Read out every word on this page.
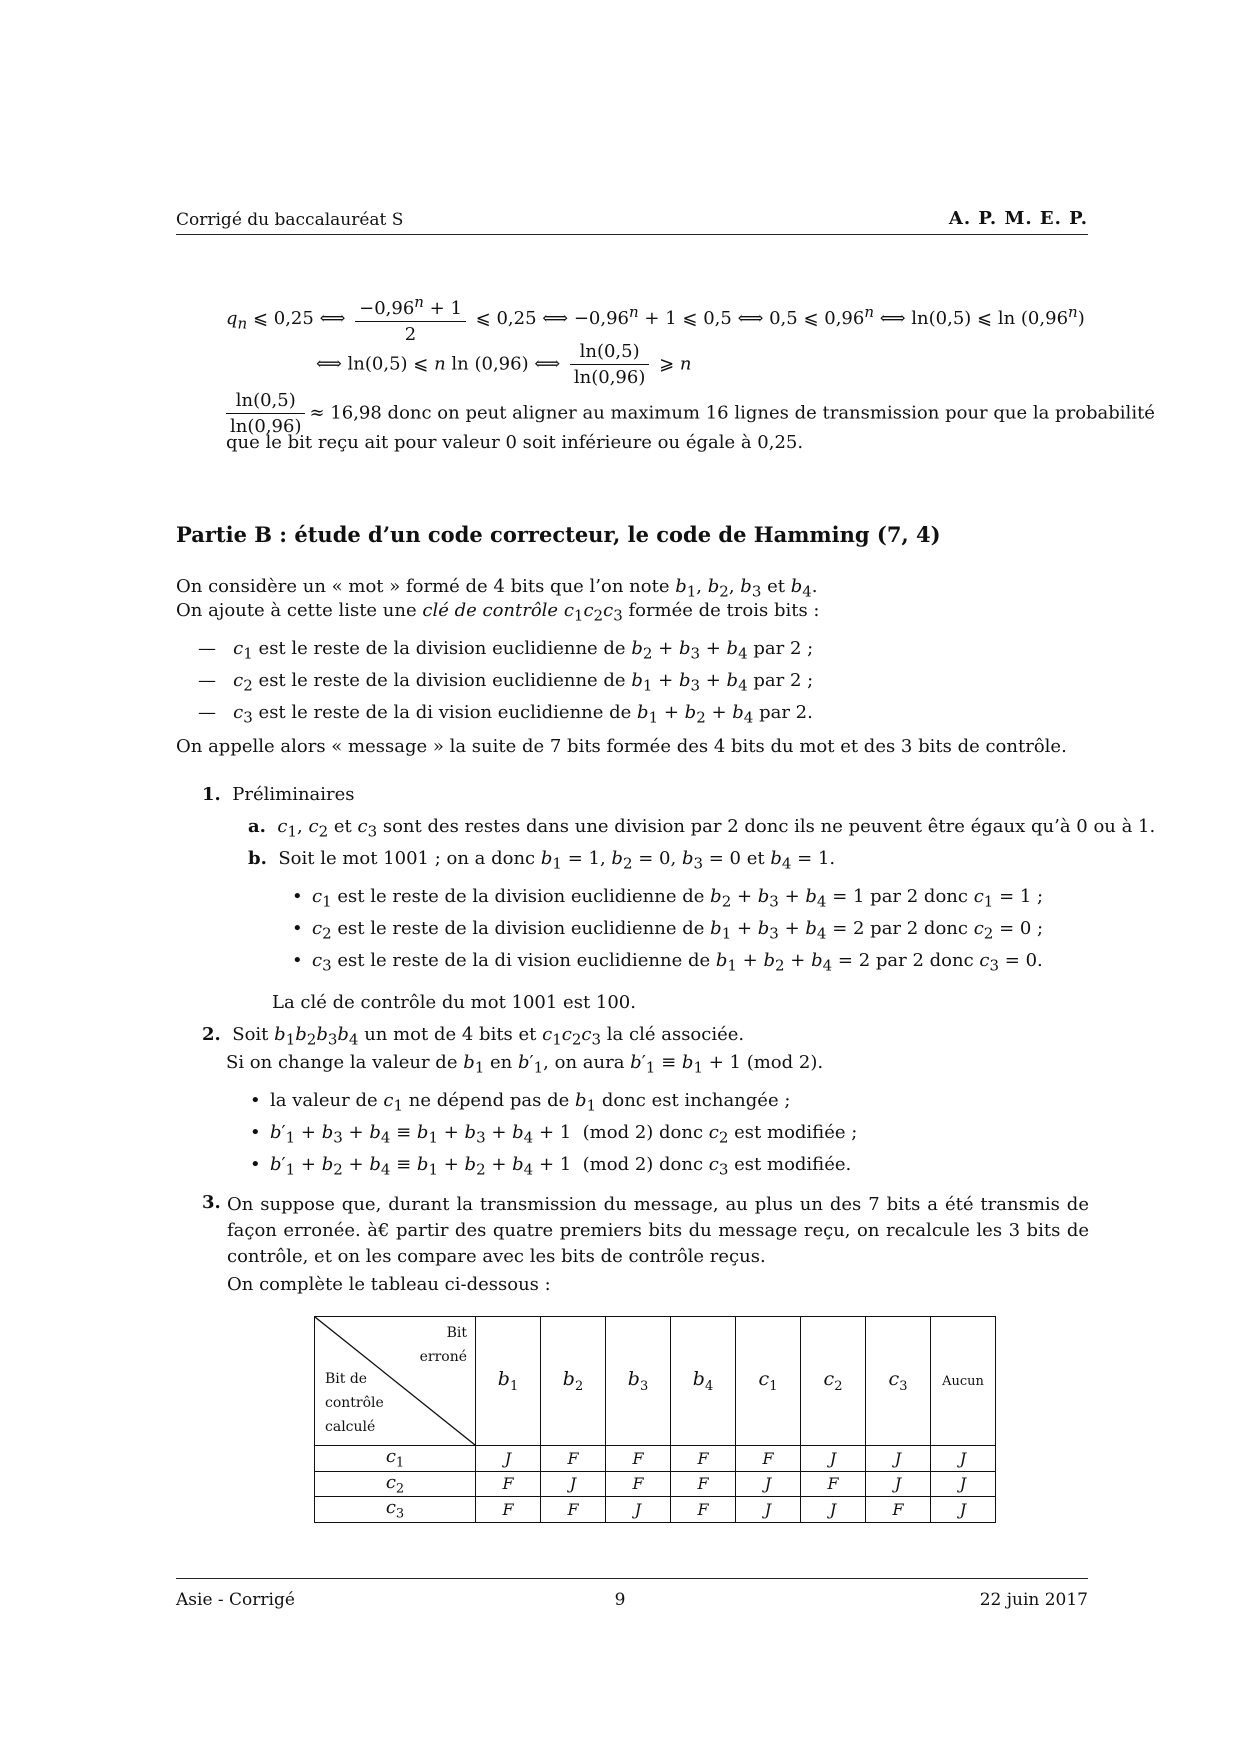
Corrigé du baccalauréat S	A. P. M. E. P.
$q_n$ ⩽ 0,25 ⟺ $\frac{-0,96^n + 1}{2}$ ⩽ 0,25 ⟺ $-0,96^n + 1$ ⩽ 0,5 ⟺ 0,5 ⩽ 0,96$^n$ ⟺ ln(0,5) ⩽ ln (0,96$^n$)
⟺ ln(0,5) ⩽ n ln (0,96) ⟺ $\frac{\ln(0,5)}{\ln(0,96)}$ ⩾ n
$\frac{\ln(0,5)}{\ln(0,96)} \approx 16,98$ donc on peut aligner au maximum 16 lignes de transmission pour que la probabilité
que le bit reçu ait pour valeur 0 soit inférieure ou égale à 0,25.
Partie B : étude d’un code correcteur, le code de Hamming (7, 4)
On considère un « mot » formé de 4 bits que l’on note $b_1$, $b_2$, $b_3$ et $b_4$.
On ajoute à cette liste une clé de contrôle $c_1c_2c_3$ formée de trois bits :
—   $c_1$ est le reste de la division euclidienne de $b_2 + b_3 + b_4$ par 2 ;
—   $c_2$ est le reste de la division euclidienne de $b_1 + b_3 + b_4$ par 2 ;
—   $c_3$ est le reste de la di vision euclidienne de $b_1 + b_2 + b_4$ par 2.
On appelle alors « message » la suite de 7 bits formée des 4 bits du mot et des 3 bits de contrôle.
1. Préliminaires
a. $c_1$, $c_2$ et $c_3$ sont des restes dans une division par 2 donc ils ne peuvent être égaux qu’à 0 ou à 1.
b. Soit le mot 1001 ; on a donc $b_1 = 1$, $b_2 = 0$, $b_3 = 0$ et $b_4 = 1$.
• $c_1$ est le reste de la division euclidienne de $b_2 + b_3 + b_4 = 1$ par 2 donc $c_1 = 1$ ;
• $c_2$ est le reste de la division euclidienne de $b_1 + b_3 + b_4 = 2$ par 2 donc $c_2 = 0$ ;
• $c_3$ est le reste de la di vision euclidienne de $b_1 + b_2 + b_4 = 2$ par 2 donc $c_3 = 0$.
La clé de contrôle du mot 1001 est 100.
2. Soit $b_1b_2b_3b_4$ un mot de 4 bits et $c_1c_2c_3$ la clé associée.
Si on change la valeur de $b_1$ en $b'_1$, on aura $b'_1 \equiv b_1 + 1$ (mod 2).
• la valeur de $c_1$ ne dépend pas de $b_1$ donc est inchangée ;
• $b'_1 + b_3 + b_4 \equiv b_1 + b_3 + b_4 + 1$  (mod 2) donc $c_2$ est modifiée ;
• $b'_1 + b_2 + b_4 \equiv b_1 + b_2 + b_4 + 1$  (mod 2) donc $c_3$ est modifiée.
3. On suppose que, durant la transmission du message, au plus un des 7 bits a été transmis de façon erronée. à€ partir des quatre premiers bits du message reçu, on recalcule les 3 bits de contrôle, et on les compare avec les bits de contrôle reçus.
On complète le tableau ci-dessous :
Bit
erroné
Bit de
contrôle
calculé	$b_1$	$b_2$	$b_3$	$b_4$	$c_1$	$c_2$	$c_3$	Aucun
$c_1$	J	F	F	F	F	J	J	J
$c_2$	F	J	F	F	J	F	J	J
$c_3$	F	F	J	F	J	J	F	J
Asie - Corrigé	9	22 juin 2017
